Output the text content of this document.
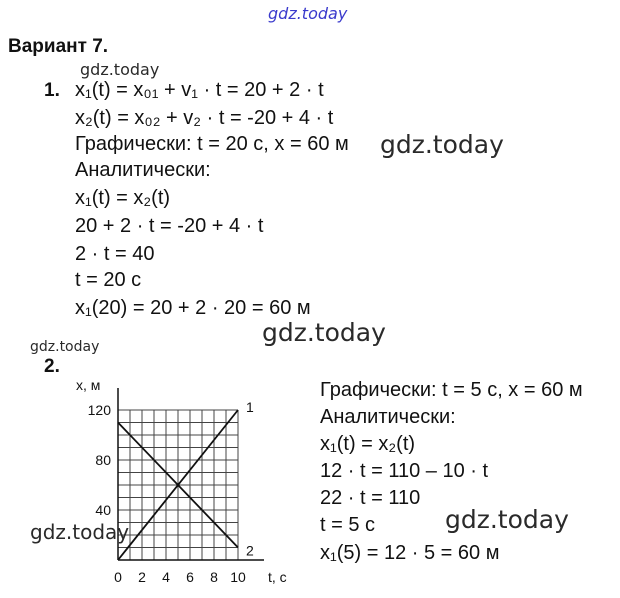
gdz.today
Вариант 7.
gdz.today
1. x₁(t) = x₀₁ + v₁ · t = 20 + 2 · t
x₂(t) = x₀₂ + v₂ · t = -20 + 4 · t
Графически: t = 20 с, x = 60 м
Аналитически:
x₁(t) = x₂(t)
20 + 2 · t = -20 + 4 · t
2 · t = 40
t = 20 с
x₁(20) = 20 + 2 · 20 = 60 м
gdz.today
gdz.today
gdz.today
2.
0 2 4 6 8 10
40
80
120
t, с
x, м
1
2
Графически: t = 5 с, x = 60 м
Аналитически:
x₁(t) = x₂(t)
12 · t = 110 – 10 · t
22 · t = 110
t = 5 с
x₁(5) = 12 · 5 = 60 м
gdz.today	gdz.today
